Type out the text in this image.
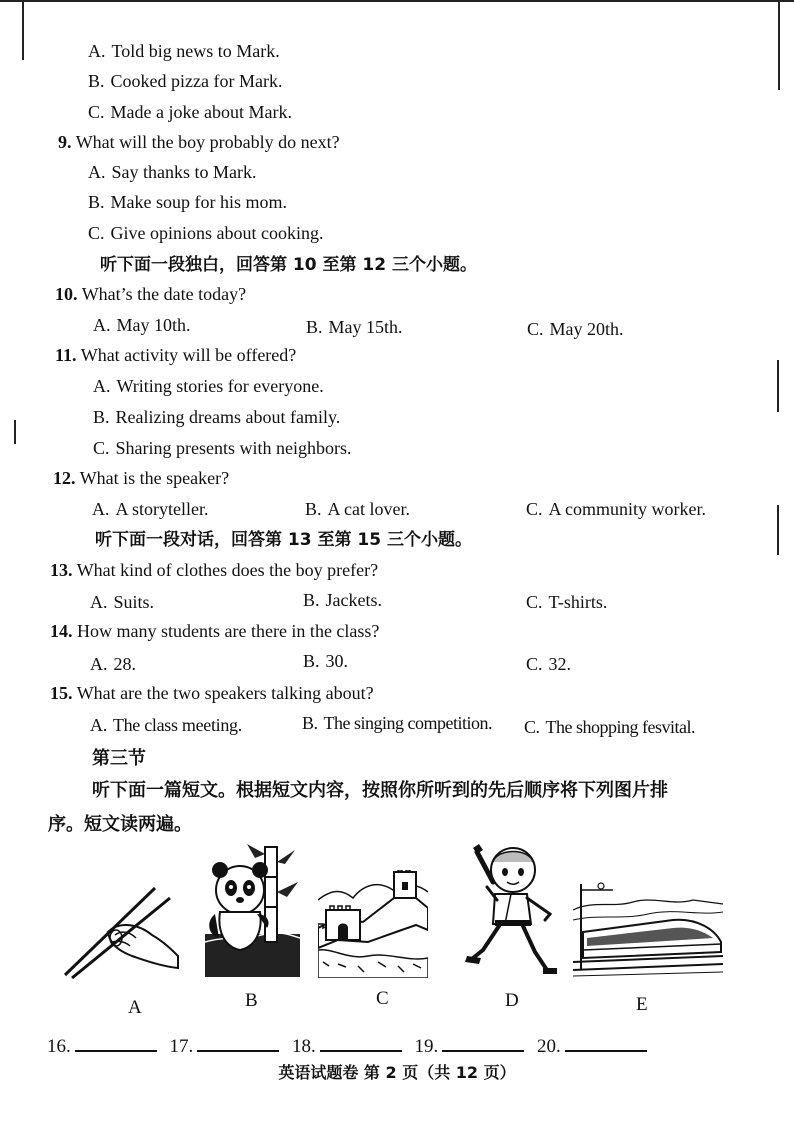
A. Told big news to Mark.
B. Cooked pizza for Mark.
C. Made a joke about Mark.
9. What will the boy probably do next?
A. Say thanks to Mark.
B. Make soup for his mom.
C. Give opinions about cooking.
听下面一段独白，回答第 10 至第 12 三个小题。
10. What’s the date today?
A. May 10th.	B. May 15th.	C. May 20th.
11. What activity will be offered?
A. Writing stories for everyone.
B. Realizing dreams about family.
C. Sharing presents with neighbors.
12. What is the speaker?
A. A storyteller.	B. A cat lover.	C. A community worker.
听下面一段对话，回答第 13 至第 15 三个小题。
13. What kind of clothes does the boy prefer?
A. Suits.	B. Jackets.	C. T-shirts.
14. How many students are there in the class?
A. 28.	B. 30.	C. 32.
15. What are the two speakers talking about?
A. The class meeting.	B. The singing competition. C. The shopping fesvital.
第三节
听下面一篇短文。根据短文内容，按照你所听到的先后顺序将下列图片排
序。短文读两遍。
A	B	C	D	E
16.	17.	18.	19.	20.
英语试题卷 第 2 页（共 12 页）
